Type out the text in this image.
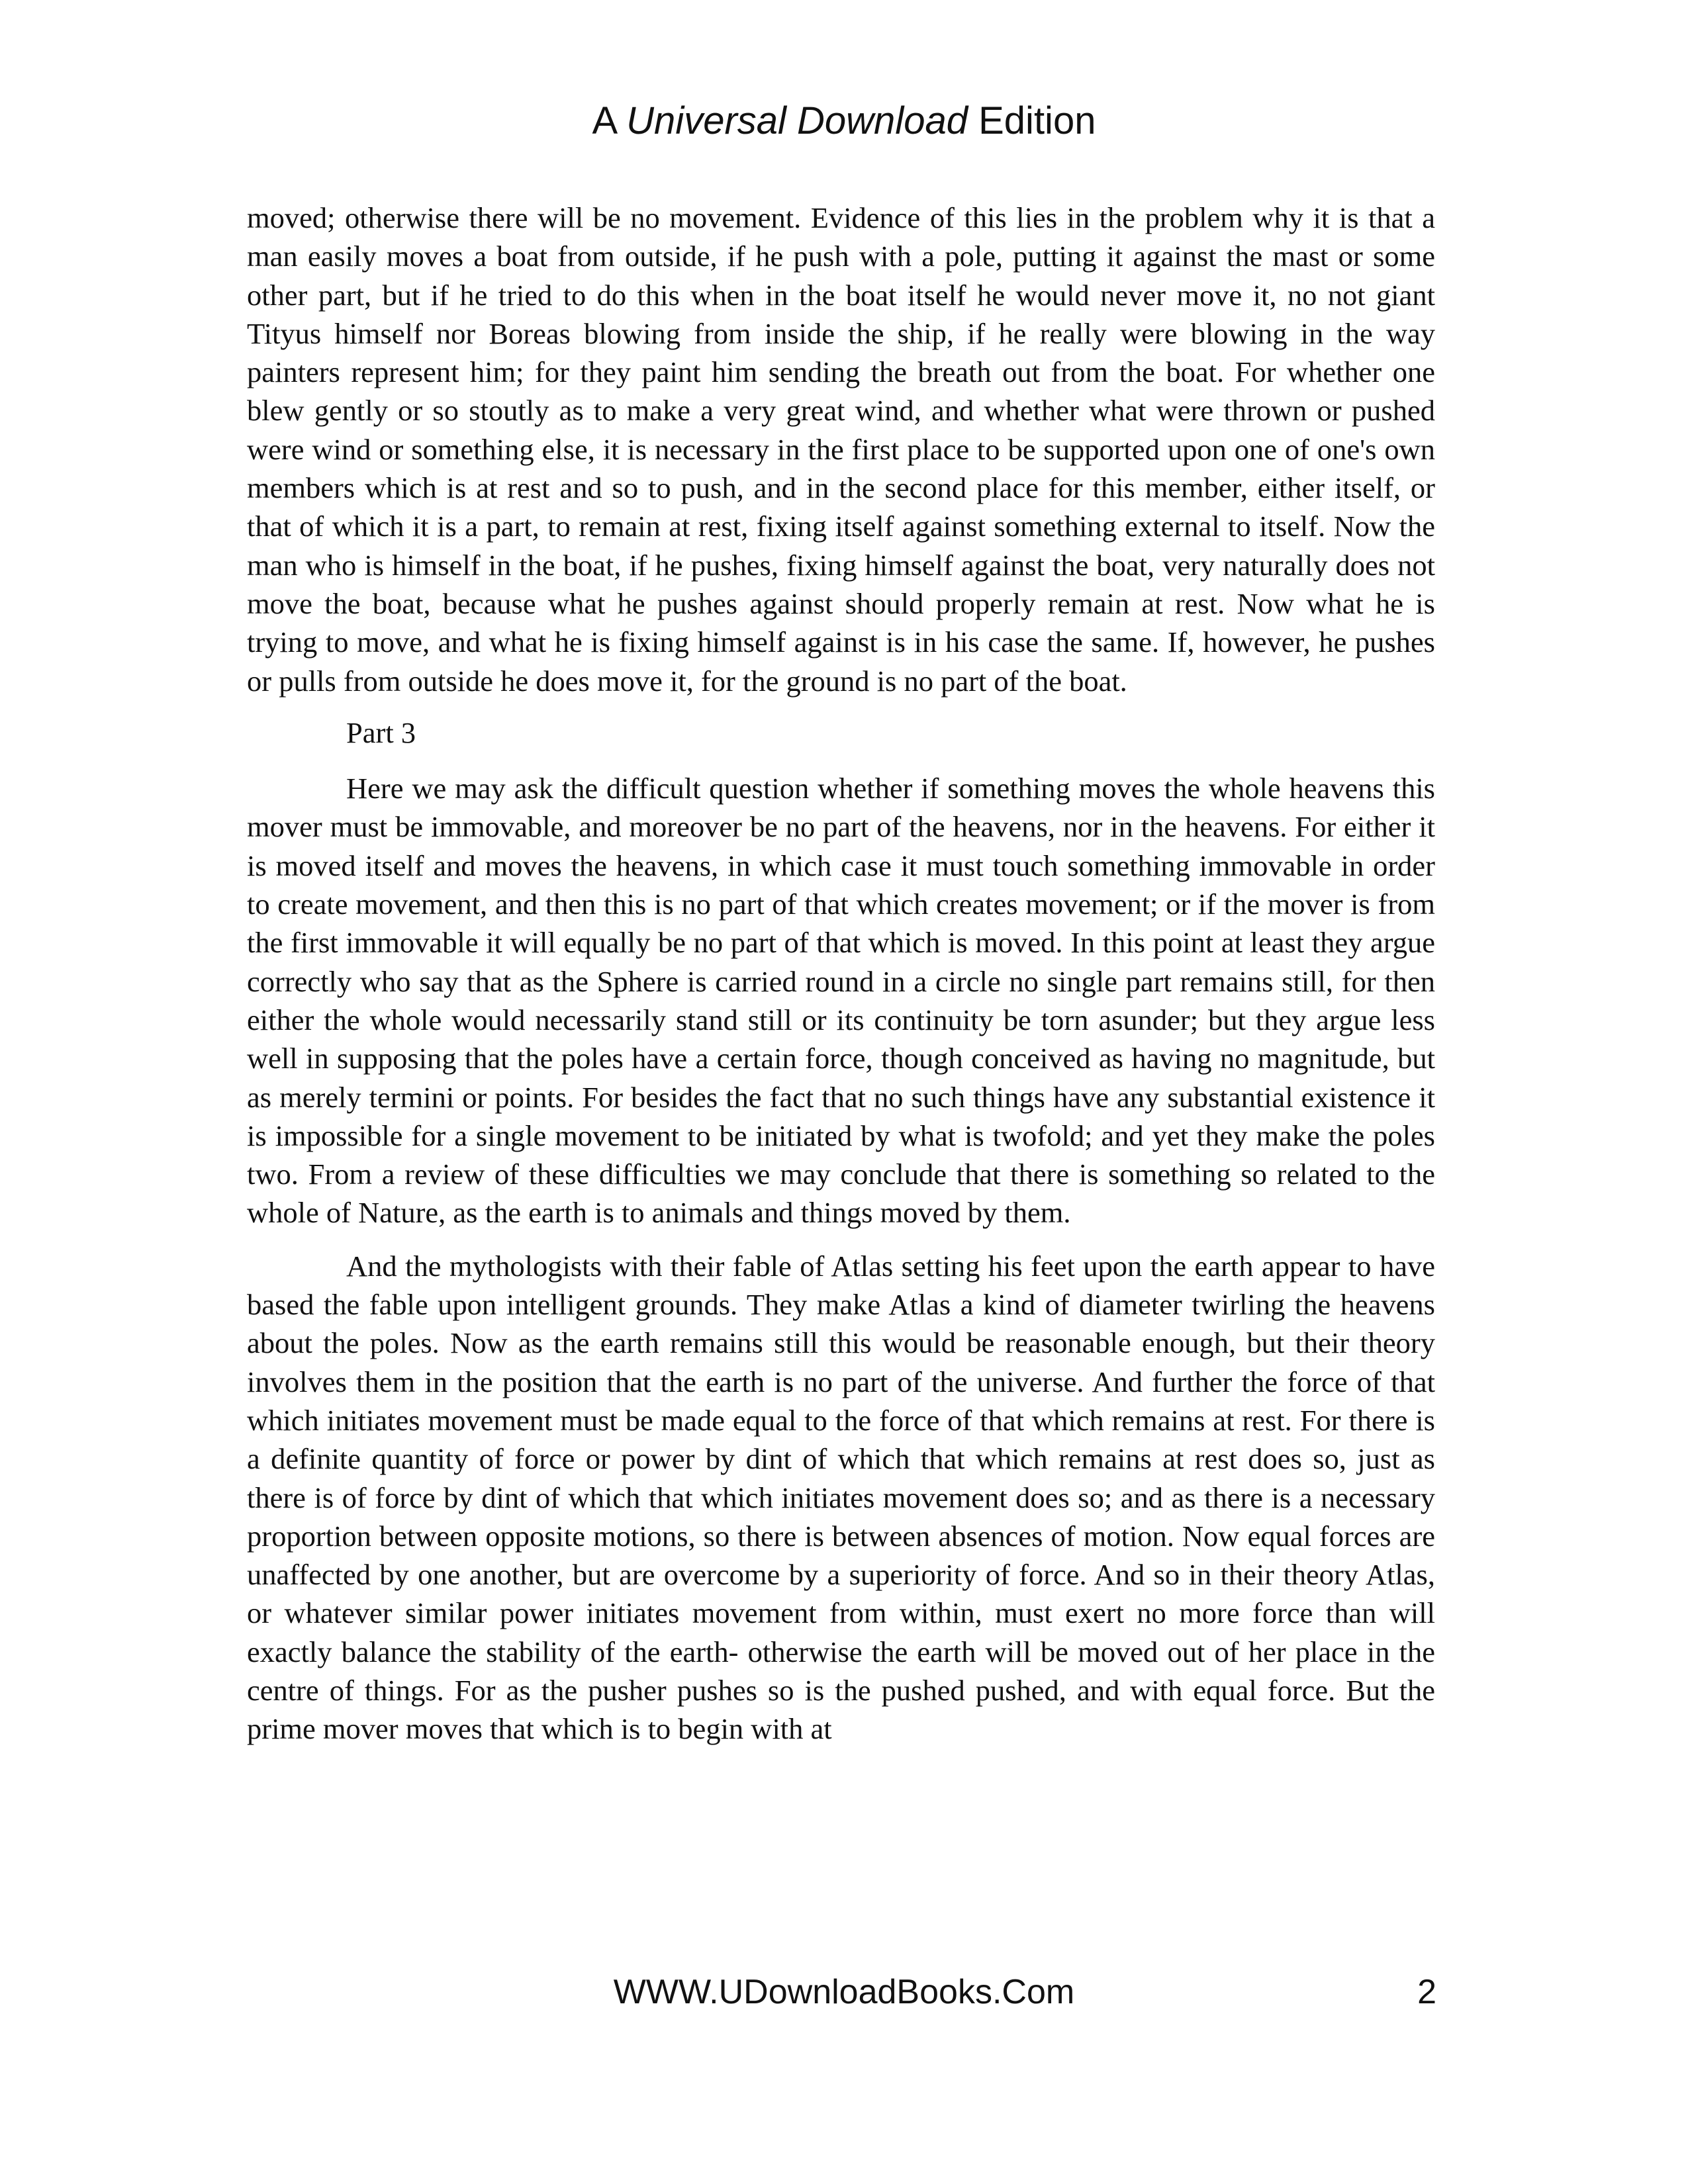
A Universal Download Edition

moved; otherwise there will be no movement. Evidence of this lies in the problem why it is that a man easily moves a boat from outside, if he push with a pole, putting it against the mast or some other part, but if he tried to do this when in the boat itself he would never move it, no not giant Tityus himself nor Boreas blowing from inside the ship, if he really were blowing in the way painters represent him; for they paint him sending the breath out from the boat. For whether one blew gently or so stoutly as to make a very great wind, and whether what were thrown or pushed were wind or something else, it is necessary in the first place to be supported upon one of one's own members which is at rest and so to push, and in the second place for this member, either itself, or that of which it is a part, to remain at rest, fixing itself against something external to itself. Now the man who is himself in the boat, if he pushes, fixing himself against the boat, very naturally does not move the boat, because what he pushes against should properly remain at rest. Now what he is trying to move, and what he is fixing himself against is in his case the same. If, however, he pushes or pulls from outside he does move it, for the ground is no part of the boat.

Part 3

Here we may ask the difficult question whether if something moves the whole heavens this mover must be immovable, and moreover be no part of the heavens, nor in the heavens. For either it is moved itself and moves the heavens, in which case it must touch something immovable in order to create movement, and then this is no part of that which creates movement; or if the mover is from the first immovable it will equally be no part of that which is moved. In this point at least they argue correctly who say that as the Sphere is carried round in a circle no single part remains still, for then either the whole would necessarily stand still or its continuity be torn asunder; but they argue less well in supposing that the poles have a certain force, though conceived as having no magnitude, but as merely termini or points. For besides the fact that no such things have any substantial existence it is impossible for a single movement to be initiated by what is twofold; and yet they make the poles two. From a review of these difficulties we may conclude that there is something so related to the whole of Nature, as the earth is to animals and things moved by them.

And the mythologists with their fable of Atlas setting his feet upon the earth appear to have based the fable upon intelligent grounds. They make Atlas a kind of diameter twirling the heavens about the poles. Now as the earth remains still this would be reasonable enough, but their theory involves them in the position that the earth is no part of the universe. And further the force of that which initiates movement must be made equal to the force of that which remains at rest. For there is a definite quantity of force or power by dint of which that which remains at rest does so, just as there is of force by dint of which that which initiates movement does so; and as there is a necessary proportion between opposite motions, so there is between absences of motion. Now equal forces are unaffected by one another, but are overcome by a superiority of force. And so in their theory Atlas, or whatever similar power initiates movement from within, must exert no more force than will exactly balance the stability of the earth- otherwise the earth will be moved out of her place in the centre of things. For as the pusher pushes so is the pushed pushed, and with equal force. But the prime mover moves that which is to begin with at

WWW.UDownloadBooks.Com	2
